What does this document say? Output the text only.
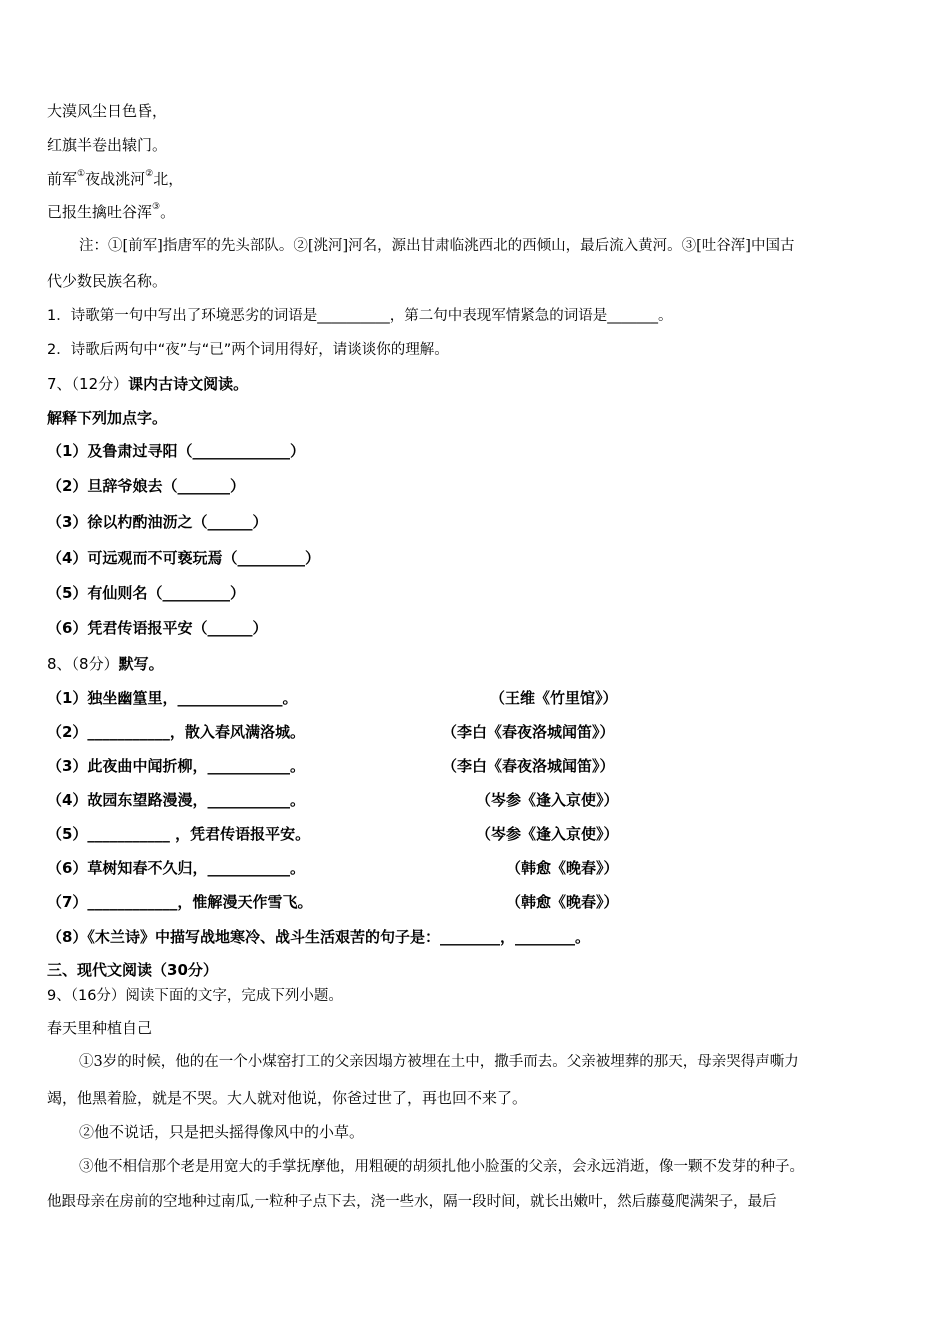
大漠风尘日色昏，
红旗半卷出辕门。
前军①夜战洮河②北，
已报生擒吐谷浑③。
注：①[前军]指唐军的先头部队。②[洮河]河名，源出甘肃临洮西北的西倾山，最后流入黄河。③[吐谷浑]中国古
代少数民族名称。
1．诗歌第一句中写出了环境恶劣的词语是__________，第二句中表现军情紧急的词语是_______。
2．诗歌后两句中“夜”与“已”两个词用得好，请谈谈你的理解。
7、（12分）课内古诗文阅读。
解释下列加点字。
（1）及鲁肃过寻阳（_____________）
（2）旦辞爷娘去（_______）
（3）徐以杓酌油沥之（______）
（4）可远观而不可亵玩焉（_________）
（5）有仙则名（_________）
（6）凭君传语报平安（______）
8、（8分）默写。
（1）独坐幽篁里，______________。	（王维《竹里馆》）
（2）___________，散入春风满洛城。	（李白《春夜洛城闻笛》）
（3）此夜曲中闻折柳，___________。	（李白《春夜洛城闻笛》）
（4）故园东望路漫漫，___________。	（岑参《逢入京使》）
（5）___________ ，凭君传语报平安。	（岑参《逢入京使》）
（6）草树知春不久归，___________。	（韩愈《晚春》）
（7）____________，惟解漫天作雪飞。	（韩愈《晚春》）
（8）《木兰诗》中描写战地寒冷、战斗生活艰苦的句子是：________，________。
三、现代文阅读（30分）
9、（16分）阅读下面的文字，完成下列小题。
春天里种植自己
①3岁的时候，他的在一个小煤窑打工的父亲因塌方被埋在土中，撒手而去。父亲被埋葬的那天，母亲哭得声嘶力
竭，他黑着脸，就是不哭。大人就对他说，你爸过世了，再也回不来了。
②他不说话，只是把头摇得像风中的小草。
③他不相信那个老是用宽大的手掌抚摩他，用粗硬的胡须扎他小脸蛋的父亲，会永远消逝，像一颗不发芽的种子。
他跟母亲在房前的空地种过南瓜,一粒种子点下去，浇一些水，隔一段时间，就长出嫩叶，然后藤蔓爬满架子，最后
